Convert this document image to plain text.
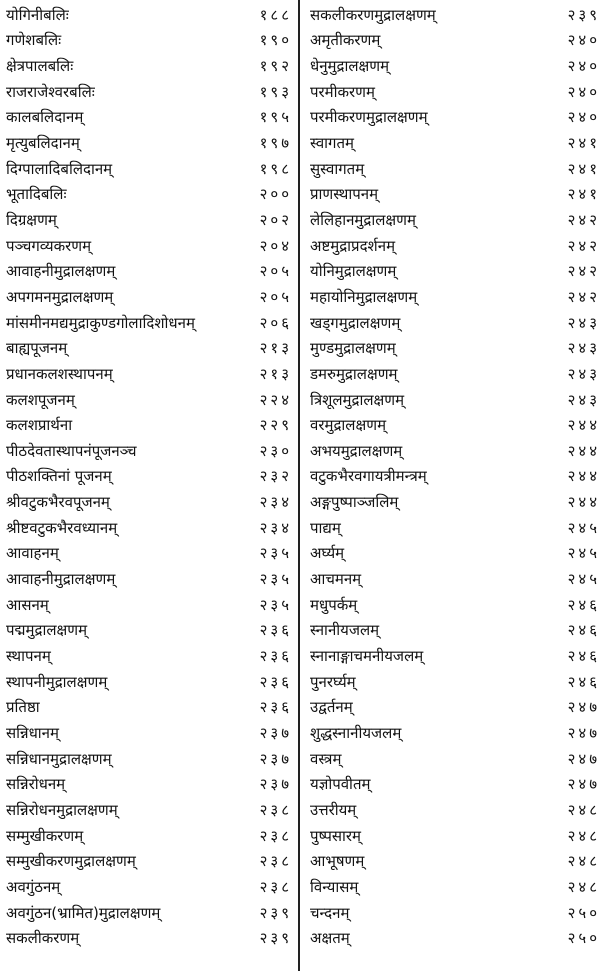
योगिनीबलिः	१८८
गणेशबलिः	१९०
क्षेत्रपालबलिः	१९२
राजराजेश्वरबलिः	१९३
कालबलिदानम्	१९५
मृत्युबलिदानम्	१९७
दिग्पालादिबलिदानम्	१९८
भूतादिबलिः	२००
दिग्रक्षणम्	२०२
पञ्चगव्यकरणम्	२०४
आवाहनीमुद्रालक्षणम्	२०५
अपगमनमुद्रालक्षणम्	२०५
मांसमीनमद्यमुद्राकुण्डगोलादिशोधनम्	२०६
बाह्यपूजनम्	२१३
प्रधानकलशस्थापनम्	२१३
कलशपूजनम्	२२४
कलशप्रार्थना	२२९
पीठदेवतास्थापनंपूजनञ्च	२३०
पीठशक्तिनां पूजनम्	२३२
श्रीवटुकभैरवपूजनम्	२३४
श्रीष्टवटुकभैरवध्यानम्	२३४
आवाहनम्	२३५
आवाहनीमुद्रालक्षणम्	२३५
आसनम्	२३५
पद्ममुद्रालक्षणम्	२३६
स्थापनम्	२३६
स्थापनीमुद्रालक्षणम्	२३६
प्रतिष्ठा	२३६
सन्निधानम्	२३७
सन्निधानमुद्रालक्षणम्	२३७
सन्निरोधनम्	२३७
सन्निरोधनमुद्रालक्षणम्	२३८
सम्मुखीकरणम्	२३८
सम्मुखीकरणमुद्रालक्षणम्	२३८
अवगुंठनम्	२३८
अवगुंठन(भ्रामित)मुद्रालक्षणम्	२३९
सकलीकरणम्	२३९
सकलीकरणमुद्रालक्षणम्	२३९
अमृतीकरणम्	२४०
धेनुमुद्रालक्षणम्	२४०
परमीकरणम्	२४०
परमीकरणमुद्रालक्षणम्	२४०
स्वागतम्	२४१
सुस्वागतम्	२४१
प्राणस्थापनम्	२४१
लेलिहानमुद्रालक्षणम्	२४२
अष्टमुद्राप्रदर्शनम्	२४२
योनिमुद्रालक्षणम्	२४२
महायोनिमुद्रालक्षणम्	२४२
खड्गमुद्रालक्षणम्	२४३
मुण्डमुद्रालक्षणम्	२४३
डमरुमुद्रालक्षणम्	२४३
त्रिशूलमुद्रालक्षणम्	२४३
वरमुद्रालक्षणम्	२४४
अभयमुद्रालक्षणम्	२४४
वटुकभैरवगायत्रीमन्त्रम्	२४४
अङ्गपुष्पाञ्जलिम्	२४४
पाद्यम्	२४५
अर्घ्यम्	२४५
आचमनम्	२४५
मधुपर्कम्	२४६
स्नानीयजलम्	२४६
स्नानाङ्गाचमनीयजलम्	२४६
पुनरर्घ्यम्	२४६
उद्वर्तनम्	२४७
शुद्धस्नानीयजलम्	२४७
वस्त्रम्	२४७
यज्ञोपवीतम्	२४७
उत्तरीयम्	२४८
पुष्पसारम्	२४८
आभूषणम्	२४८
विन्यासम्	२४८
चन्दनम्	२५०
अक्षतम्	२५०
